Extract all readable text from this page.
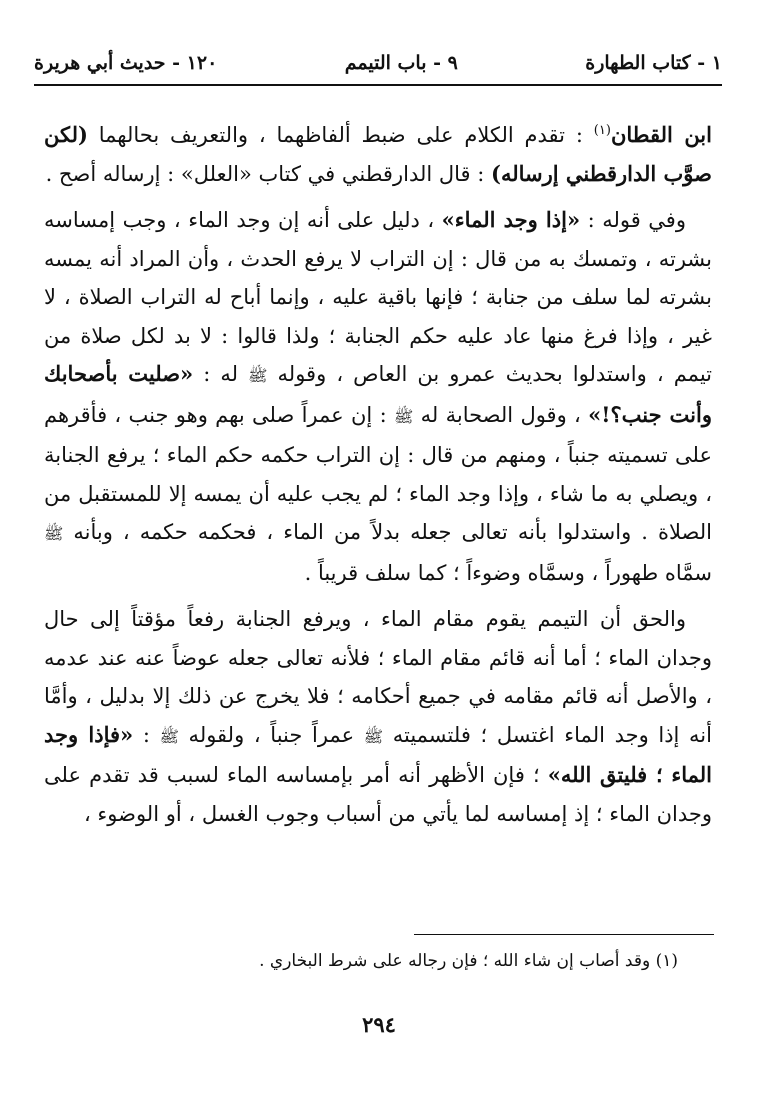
١ - كتاب الطهارة
٩ - باب التيمم
١٢٠ - حديث أبي هريرة

ابن القطان$^{(١)}$ : تقدم الكلام على ضبط ألفاظهما ، والتعريف بحالهما (لكن صوَّب الدارقطني إرساله) : قال الدارقطني في كتاب «العلل» : إرساله أصح .

وفي قوله : «إذا وجد الماء» ، دليل على أنه إن وجد الماء ، وجب إمساسه بشرته ، وتمسك به من قال : إن التراب لا يرفع الحدث ، وأن المراد أنه يمسه بشرته لما سلف من جنابة ؛ فإنها باقية عليه ، وإنما أباح له التراب الصلاة ، لا غير ، وإذا فرغ منها عاد عليه حكم الجنابة ؛ ولذا قالوا : لا بد لكل صلاة من تيمم ، واستدلوا بحديث عمرو بن العاص ، وقوله ﷺ له : «صليت بأصحابك وأنت جنب؟!» ، وقول الصحابة له ﷺ : إن عمراً صلى بهم وهو جنب ، فأقرهم على تسميته جنباً ، ومنهم من قال : إن التراب حكمه حكم الماء ؛ يرفع الجنابة ، ويصلي به ما شاء ، وإذا وجد الماء ؛ لم يجب عليه أن يمسه إلا للمستقبل من الصلاة . واستدلوا بأنه تعالى جعله بدلاً من الماء ، فحكمه حكمه ، وبأنه ﷺ سمَّاه طهوراً ، وسمَّاه وضوءاً ؛ كما سلف قريباً .

والحق أن التيمم يقوم مقام الماء ، ويرفع الجنابة رفعاً مؤقتاً إلى حال وجدان الماء ؛ أما أنه قائم مقام الماء ؛ فلأنه تعالى جعله عوضاً عنه عند عدمه ، والأصل أنه قائم مقامه في جميع أحكامه ؛ فلا يخرج عن ذلك إلا بدليل ، وأمَّا أنه إذا وجد الماء اغتسل ؛ فلتسميته ﷺ عمراً جنباً ، ولقوله ﷺ : «فإذا وجد الماء ؛ فليتق الله» ؛ فإن الأظهر أنه أمر بإمساسه الماء لسبب قد تقدم على وجدان الماء ؛ إذ إمساسه لما يأتي من أسباب وجوب الغسل ، أو الوضوء ،

(١) وقد أصاب إن شاء الله ؛ فإن رجاله على شرط البخاري .
٢٩٤
